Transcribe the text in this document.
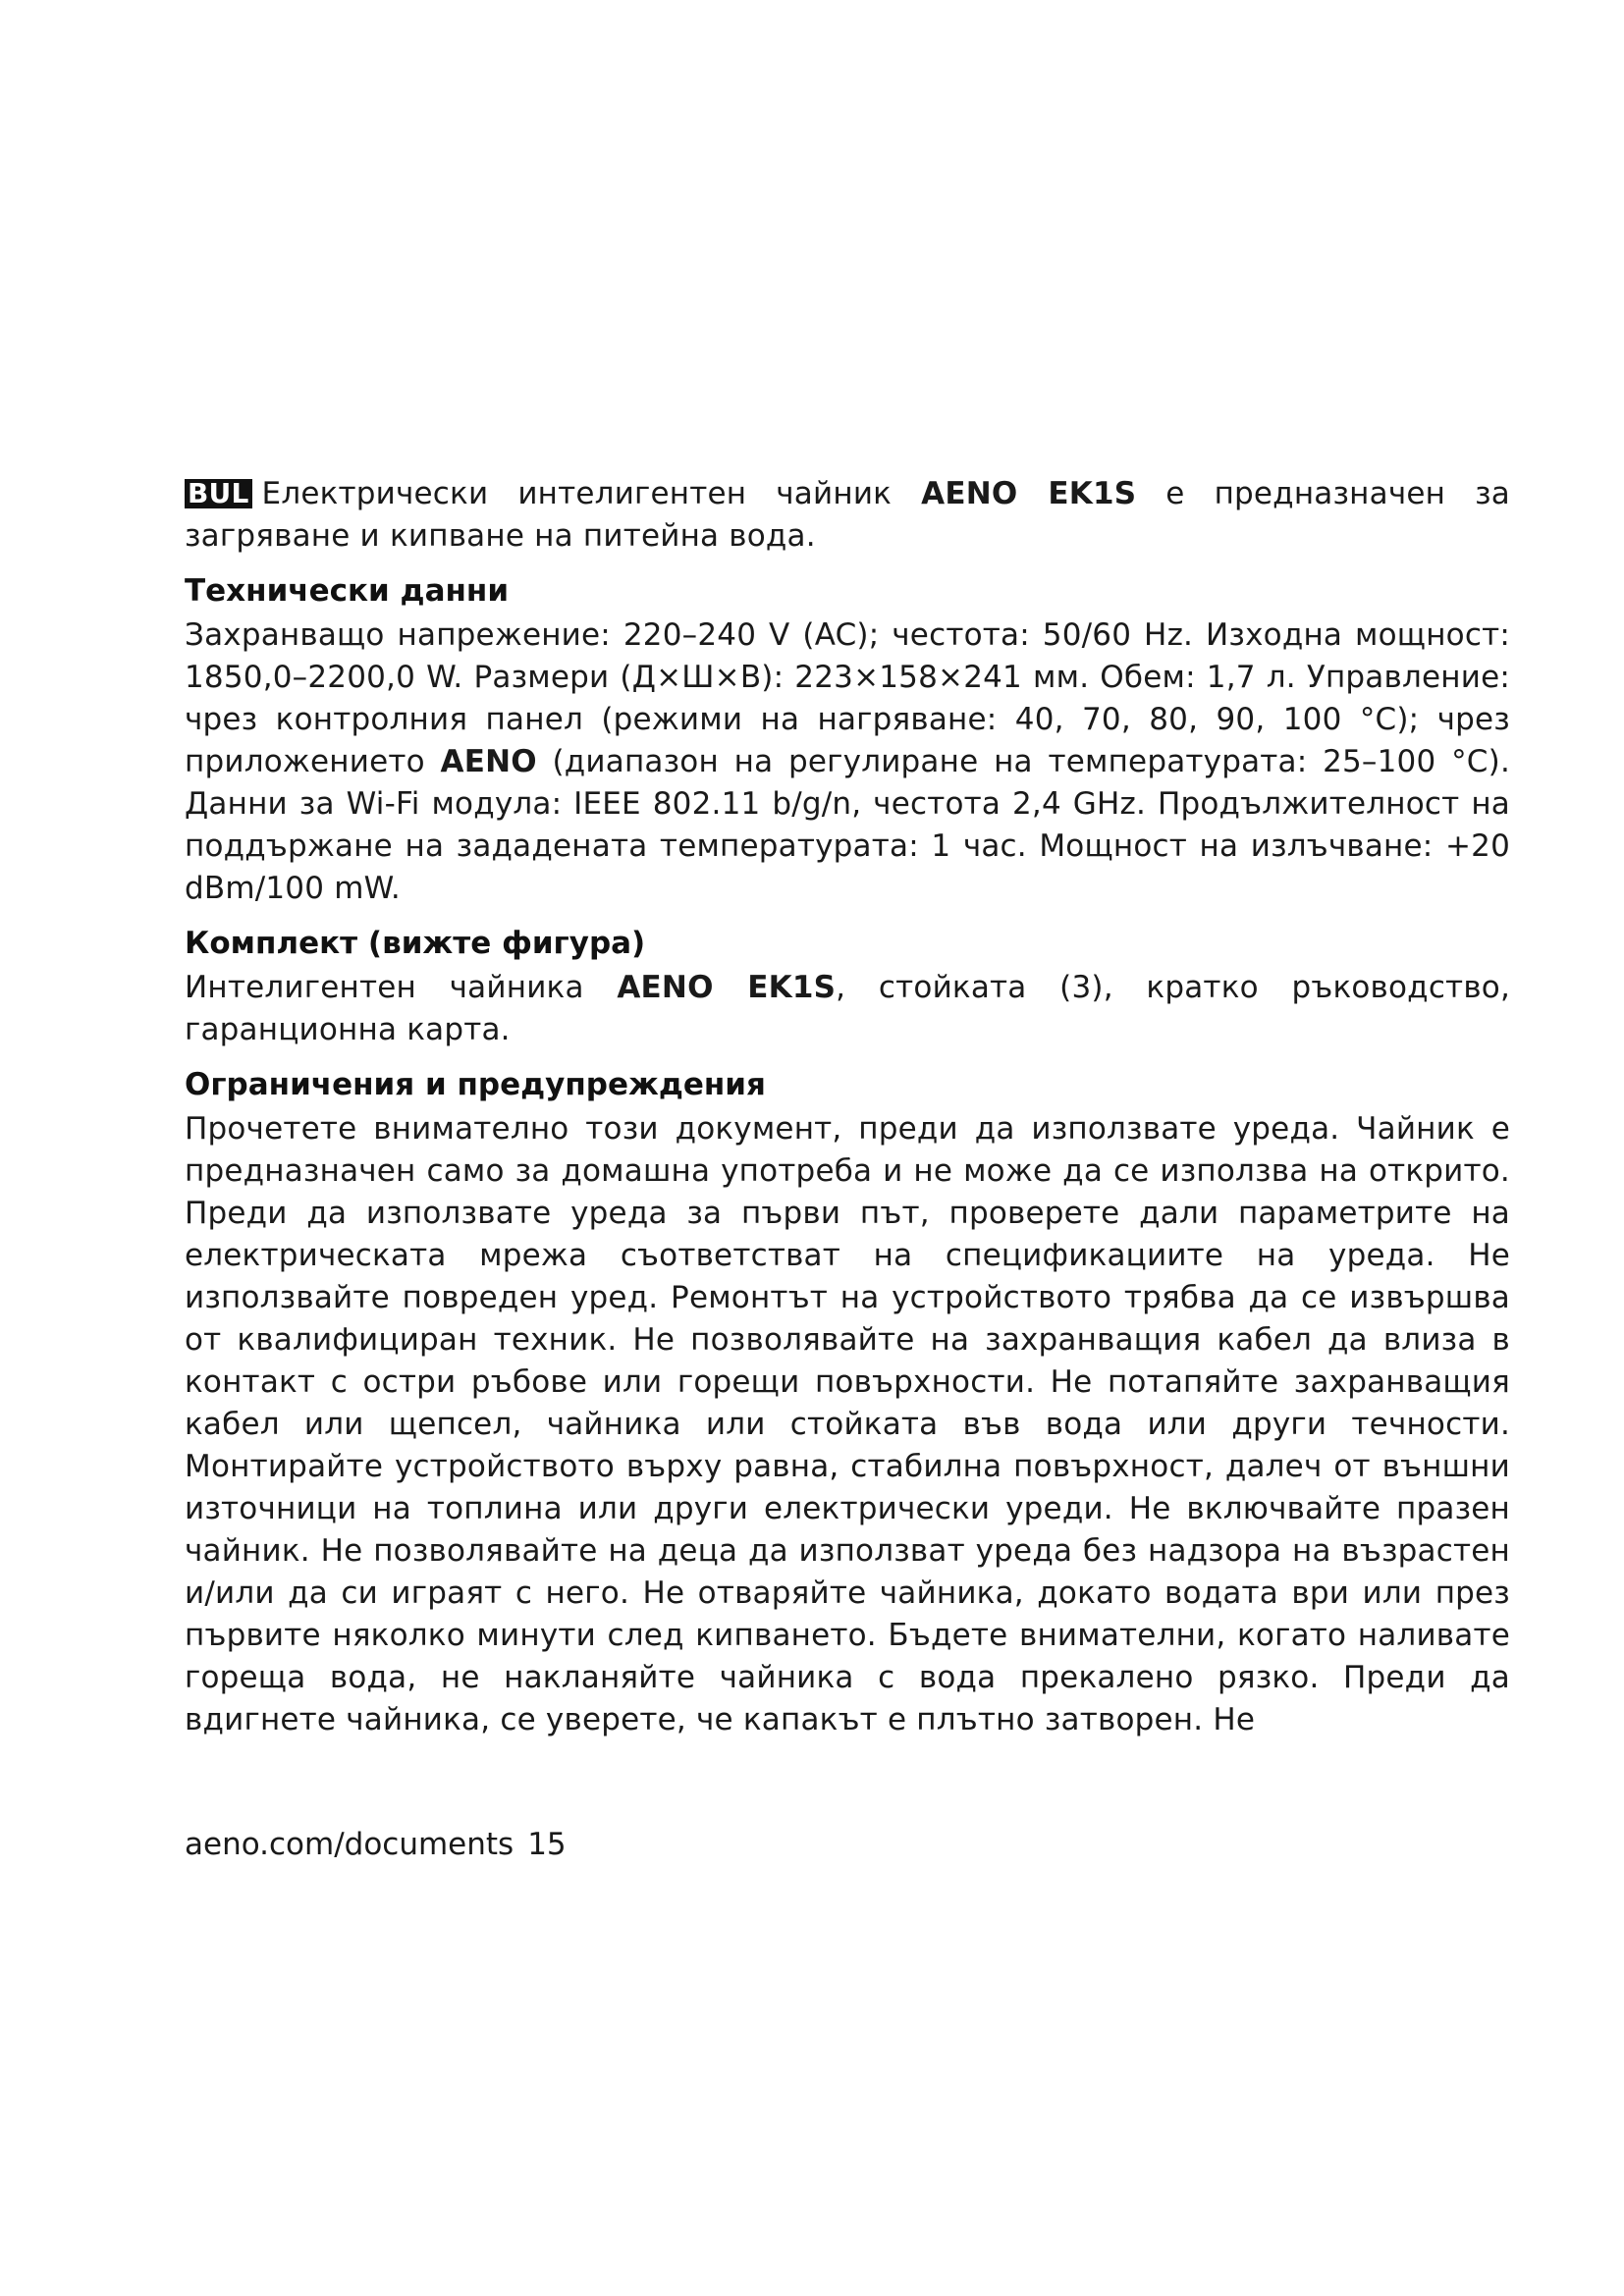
BUL Електрически интелигентен чайник AENO EK1S е предназначен за загряване и кипване на питейна вода.

Технически данни

Захранващо напрежение: 220–240 V (AC); честота: 50/60 Hz. Изходна мощност: 1850,0–2200,0 W. Размери (Д×Ш×В): 223×158×241 мм. Обем: 1,7 л. Управление: чрез контролния панел (режими на нагряване: 40, 70, 80, 90, 100 °C); чрез приложението AENO (диапазон на регулиране на температурата: 25–100 °C). Данни за Wi-Fi модула: IEEE 802.11 b/g/n, честота 2,4 GHz. Продължителност на поддържане на зададената температурата: 1 час. Мощност на излъчване: +20 dBm/100 mW.

Комплект (вижте фигура)

Интелигентен чайника AENO EK1S, стойката (3), кратко ръководство, гаранционна карта.

Ограничения и предупреждения

Прочетете внимателно този документ, преди да използвате уреда. Чайник е предназначен само за домашна употреба и не може да се използва на открито. Преди да използвате уреда за първи път, проверете дали параметрите на електрическата мрежа съответстват на спецификациите на уреда. Не използвайте повреден уред. Ремонтът на устройството трябва да се извършва от квалифициран техник. Не позволявайте на захранващия кабел да влиза в контакт с остри ръбове или горещи повърхности. Не потапяйте захранващия кабел или щепсел, чайника или стойката във вода или други течности. Монтирайте устройството върху равна, стабилна повърхност, далеч от външни източници на топлина или други електрически уреди. Не включвайте празен чайник. Не позволявайте на деца да използват уреда без надзора на възрастен и/или да си играят с него. Не отваряйте чайника, докато водата ври или през първите няколко минути след кипването. Бъдете внимателни, когато наливате гореща вода, не накланяйте чайника с вода прекалено рязко. Преди да вдигнете чайника, се уверете, че капакът е плътно затворен. Не

aeno.com/documents 15
